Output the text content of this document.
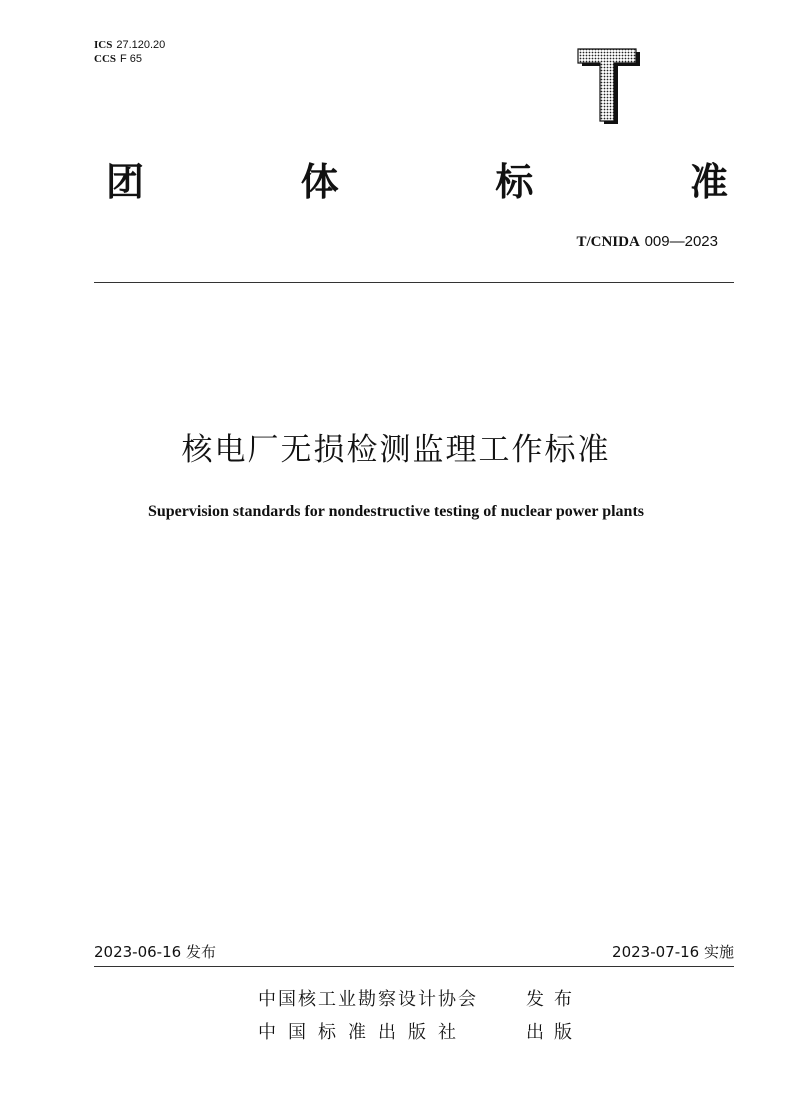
ICS 27.120.20
CCS F 65
团	体	标	准
T/CNIDA 009—2023
核电厂无损检测监理工作标准
Supervision standards for nondestructive testing of nuclear power plants
2023-06-16 发布	2023-07-16 实施
中国核工业勘察设计协会	发布
中国标准出版社	出版
